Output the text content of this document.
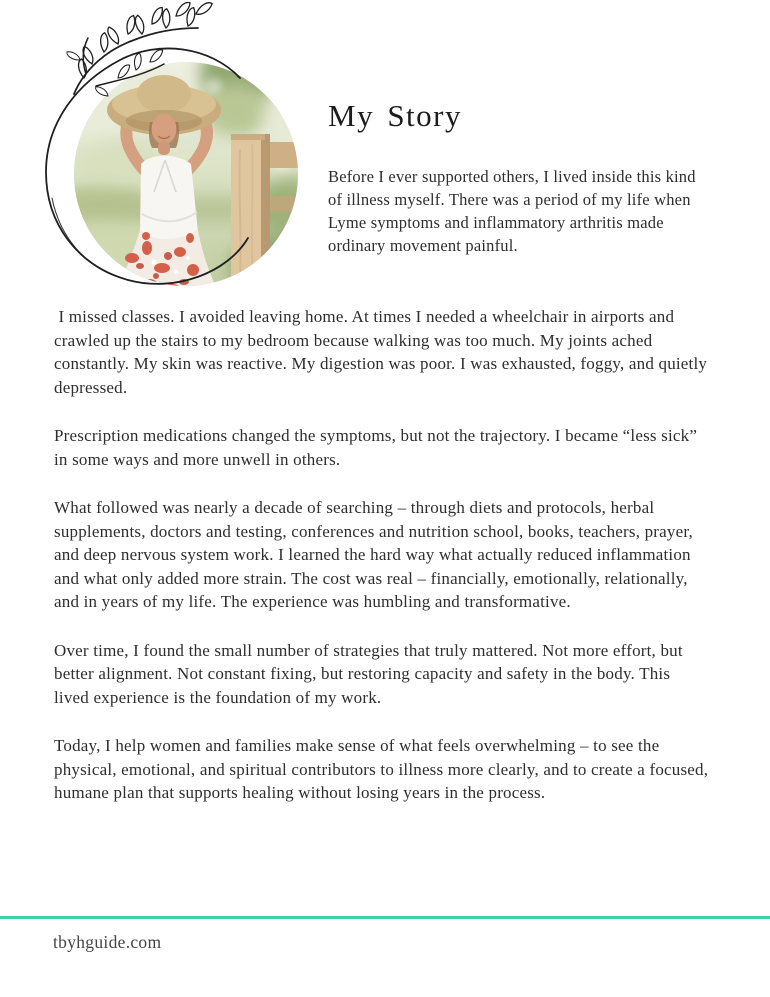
My Story

Before I ever supported others, I lived inside this kind of illness myself. There was a period of my life when Lyme symptoms and inflammatory arthritis made ordinary movement painful.

I missed classes. I avoided leaving home. At times I needed a wheelchair in airports and crawled up the stairs to my bedroom because walking was too much. My joints ached constantly. My skin was reactive. My digestion was poor. I was exhausted, foggy, and quietly depressed.

Prescription medications changed the symptoms, but not the trajectory. I became “less sick” in some ways and more unwell in others.

What followed was nearly a decade of searching – through diets and protocols, herbal supplements, doctors and testing, conferences and nutrition school, books, teachers, prayer, and deep nervous system work. I learned the hard way what actually reduced inflammation and what only added more strain. The cost was real – financially, emotionally, relationally, and in years of my life. The experience was humbling and transformative.

Over time, I found the small number of strategies that truly mattered. Not more effort, but better alignment. Not constant fixing, but restoring capacity and safety in the body. This lived experience is the foundation of my work.

Today, I help women and families make sense of what feels overwhelming – to see the physical, emotional, and spiritual contributors to illness more clearly, and to create a focused, humane plan that supports healing without losing years in the process.

tbyhguide.com
